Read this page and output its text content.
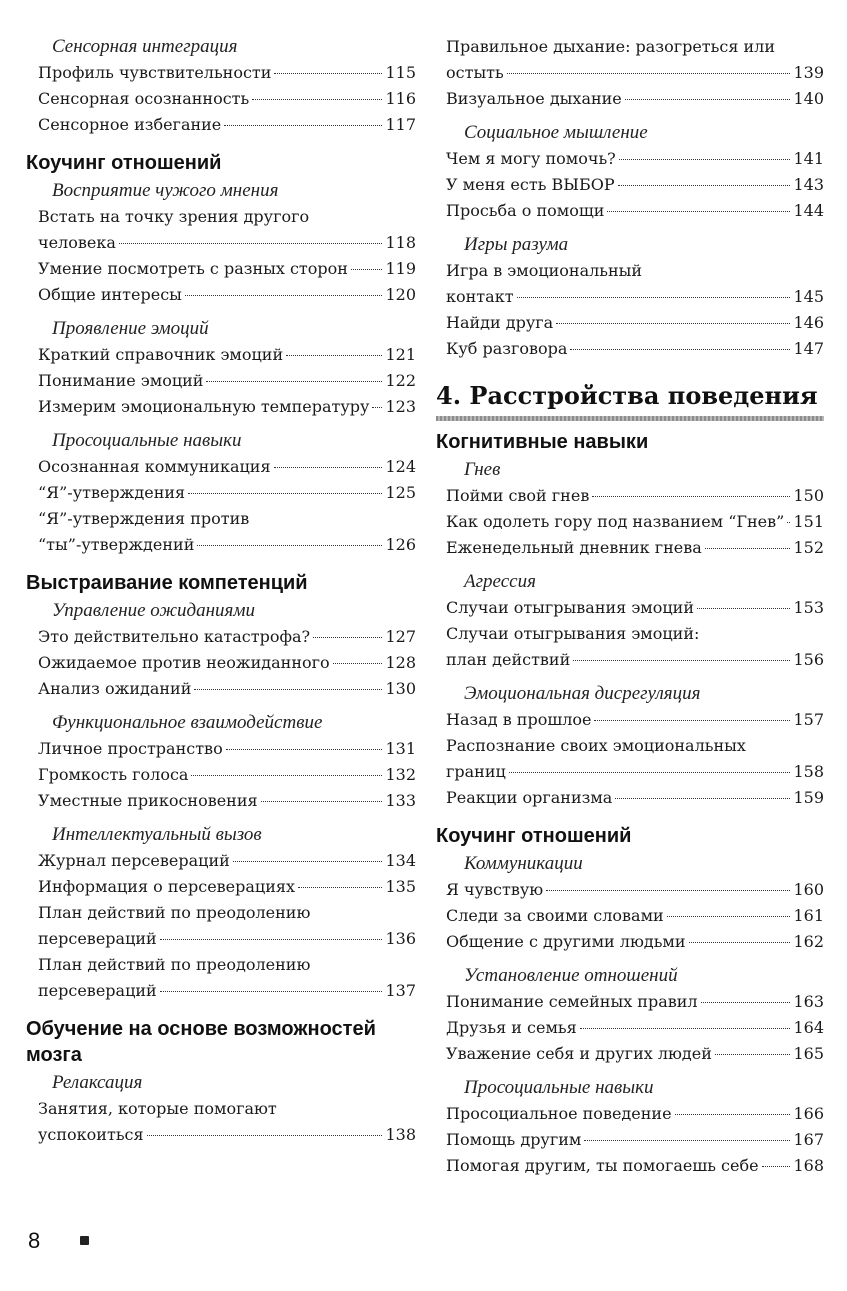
Сенсорная интеграция
Профиль чувствительности	115
Сенсорная осознанность	116
Сенсорное избегание	117
Коучинг отношений
Восприятие чужого мнения
Встать на точку зрения другого
человека	118
Умение посмотреть с разных сторон 119
Общие интересы	120
Проявление эмоций
Краткий справочник эмоций	121
Понимание эмоций	122
Измерим эмоциональную температуру 123
Просоциальные навыки
Осознанная коммуникация	124
“Я”-утверждения	125
“Я”-утверждения против
“ты”-утверждений	126
Выстраивание компетенций
Управление ожиданиями
Это действительно катастрофа?	127
Ожидаемое против неожиданного	128
Анализ ожиданий	130
Функциональное взаимодействие
Личное пространство	131
Громкость голоса	132
Уместные прикосновения	133
Интеллектуальный вызов
Журнал персевераций	134
Информация о персеверациях	135
План действий по преодолению
персевераций	136
План действий по преодолению
персевераций	137
Обучение на основе возможностей мозга
Релаксация
Занятия, которые помогают
успокоиться	138
Правильное дыхание: разогреться или
остыть	139
Визуальное дыхание	140
Социальное мышление
Чем я могу помочь?	141
У меня есть ВЫБОР	143
Просьба о помощи	144
Игры разума
Игра в эмоциональный
контакт	145
Найди друга	146
Куб разговора	147
4. Расстройства поведения
Когнитивные навыки
Гнев
Пойми свой гнев	150
Как одолеть гору под названием “Гнев” 151
Еженедельный дневник гнева	152
Агрессия
Случаи отыгрывания эмоций	153
Случаи отыгрывания эмоций:
план действий	156
Эмоциональная дисрегуляция
Назад в прошлое	157
Распознание своих эмоциональных
границ	158
Реакции организма	159
Коучинг отношений
Коммуникации
Я чувствую	160
Следи за своими словами	161
Общение с другими людьми	162
Установление отношений
Понимание семейных правил	163
Друзья и семья	164
Уважение себя и других людей	165
Просоциальные навыки
Просоциальное поведение	166
Помощь другим	167
Помогая другим, ты помогаешь себе 168
8
